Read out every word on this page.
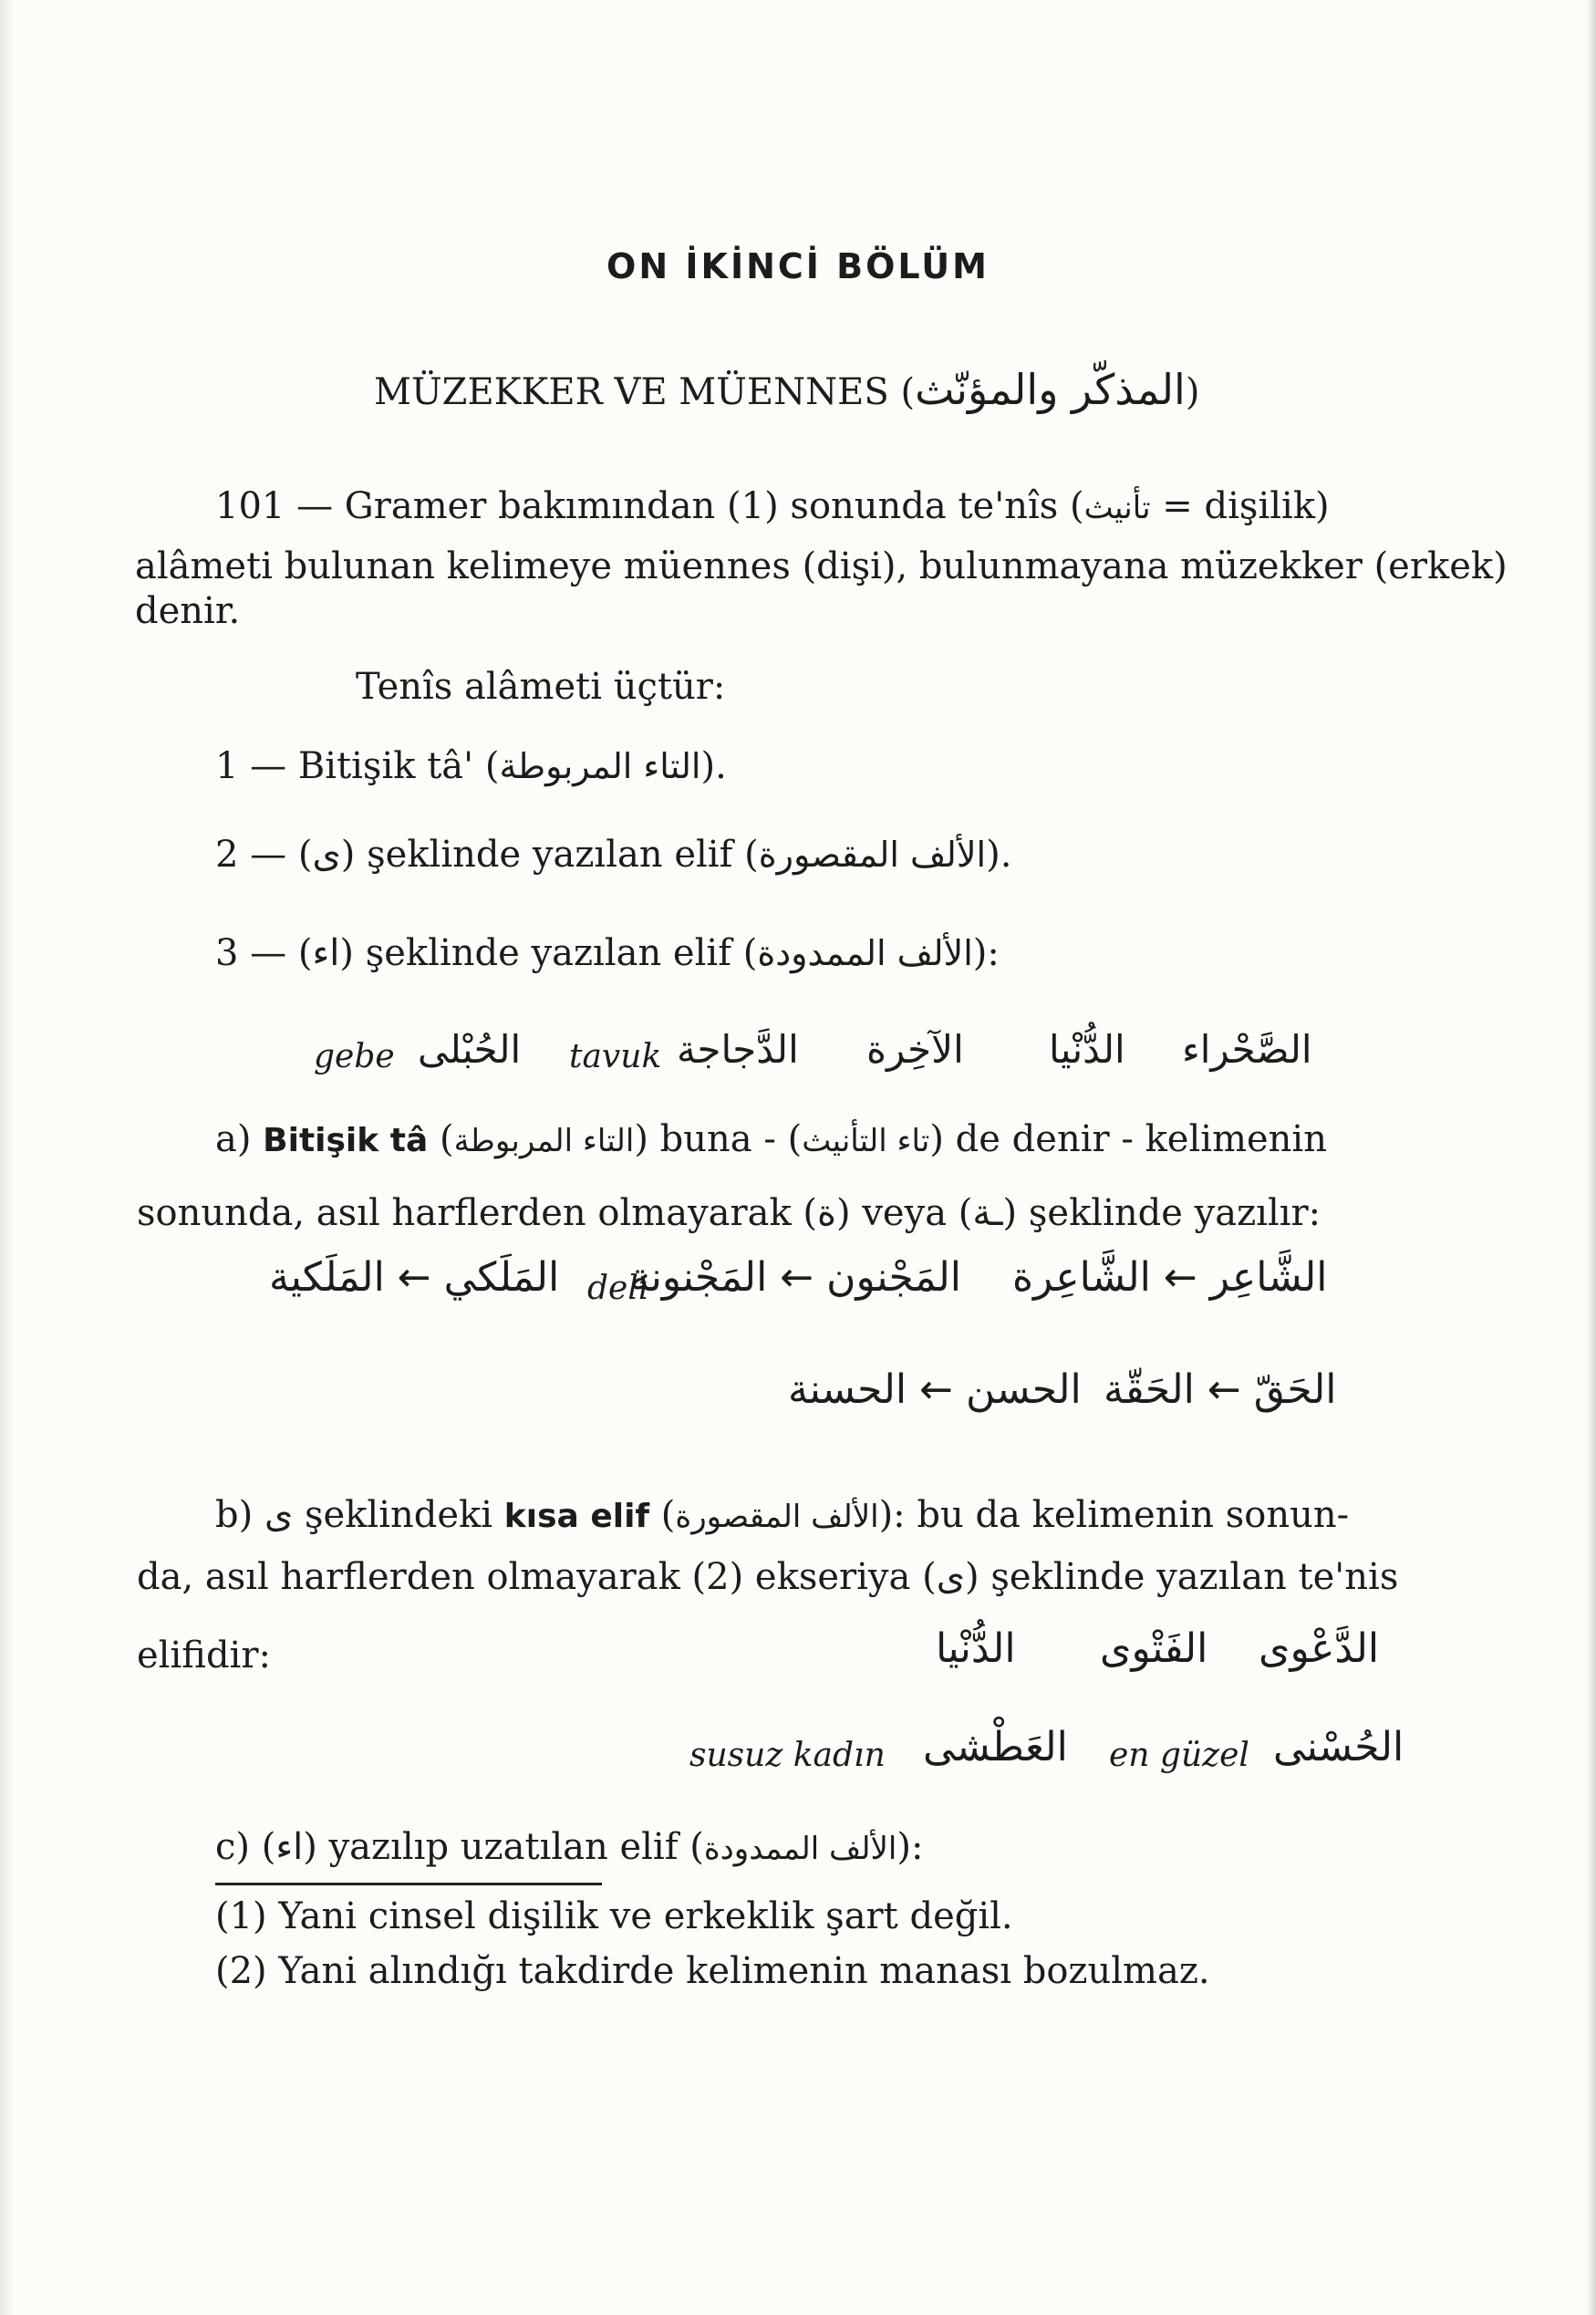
ON İKİNCİ BÖLÜM
MÜZEKKER VE MÜENNES (المذكّر والمؤنّث)
101 — Gramer bakımından (1) sonunda te'nîs (تأنيث = dişilik)
alâmeti bulunan kelimeye müennes (dişi), bulunmayana müzekker (erkek)
denir.
Tenîs alâmeti üçtür:
1 — Bitişik tâ' (التاء المربوطة).
2 — (ى) şeklinde yazılan elif (الألف المقصورة).
3 — (اء) şeklinde yazılan elif (الألف الممدودة):
gebe الحُبْلى tavuk الدَّجاجة الآخِرة الدُّنْيا الصَّحْراء
a) Bitişik tâ (التاء المربوطة) buna - (تاء التأنيث) de denir - kelimenin
sonunda, asıl harflerden olmayarak (ة) veya (ـة) şeklinde yazılır:
الشَّاعِر ← الشَّاعِرة
المَجْنون ← المَجْنونة
deli
المَلَكي ← المَلَكية
الحَقّ ← الحَقّة
الحسن ← الحسنة
b) ى şeklindeki kısa elif (الألف المقصورة): bu da kelimenin sonun-
da, asıl harflerden olmayarak (2) ekseriya (ى) şeklinde yazılan te'nis
elifidir:	الدَّعْوى
الفَتْوى
الدُّنْيا
susuz kadın العَطْشى en güzel الحُسْنى
c) (اء) yazılıp uzatılan elif (الألف الممدودة):
(1) Yani cinsel dişilik ve erkeklik şart değil.
(2) Yani alındığı takdirde kelimenin manası bozulmaz.
